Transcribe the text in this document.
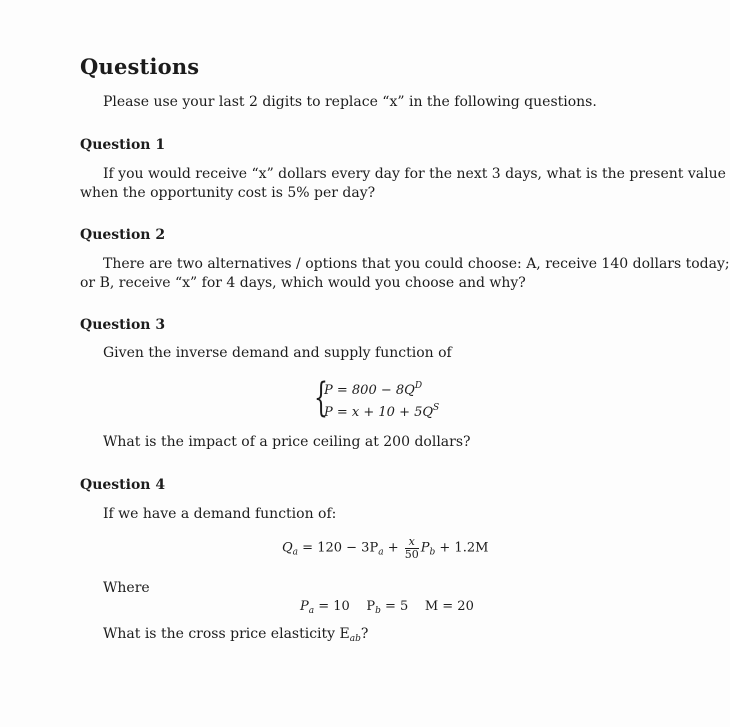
Questions
Please use your last 2 digits to replace “x” in the following questions.
Question 1
If you would receive “x” dollars every day for the next 3 days, what is the present value
when the opportunity cost is 5% per day?
Question 2
There are two alternatives / options that you could choose: A, receive 140 dollars today;
or B, receive “x” for 4 days, which would you choose and why?
Question 3
Given the inverse demand and supply function of
{
$P = 800 - 8Q^D$
$P = x + 10 + 5Q^S$
What is the impact of a price ceiling at 200 dollars?
Question 4
If we have a demand function of:
$Q_a = 120 - 3P_a + \frac{x}{50} P_b + 1.2M$
Where
$P_a = 10$    $P_b = 5$    M = 20
What is the cross price elasticity $E_{ab}$?
